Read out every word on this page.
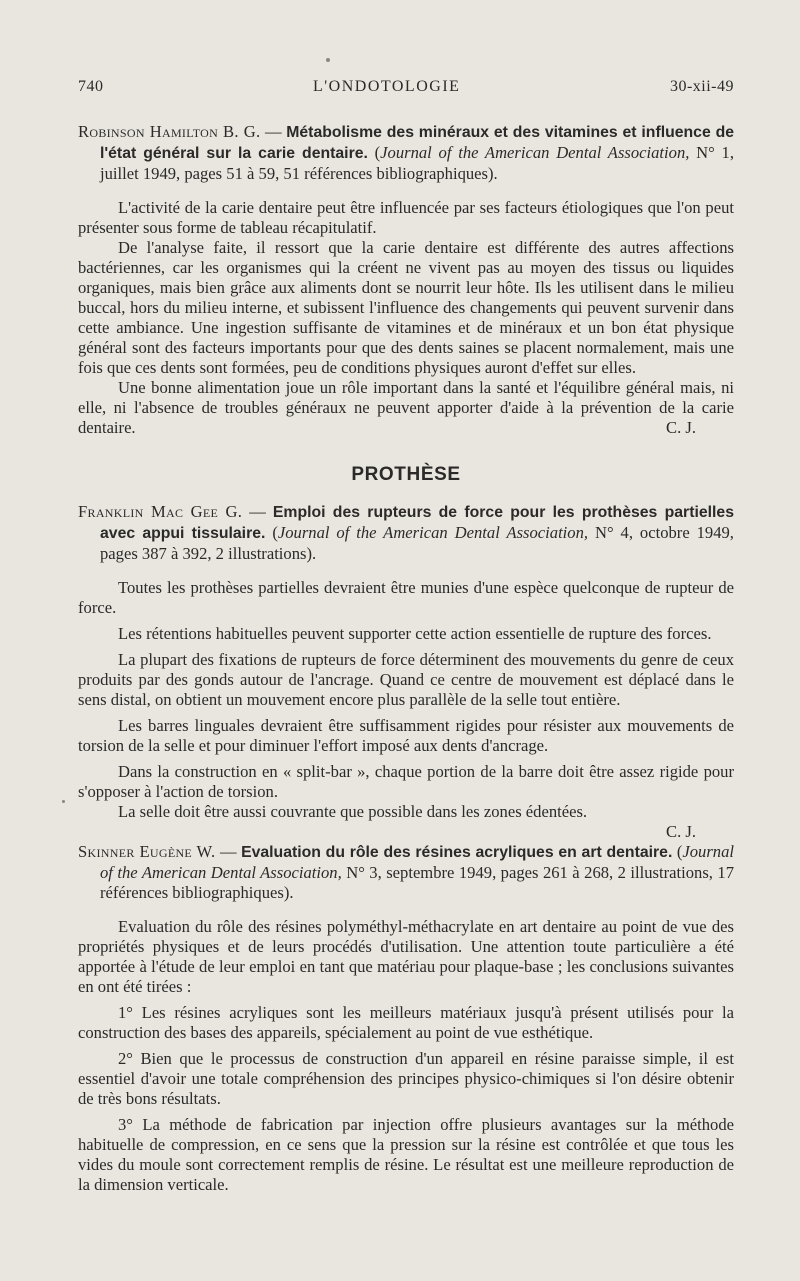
740	L'ONDOTOLOGIE	30-xii-49

Robinson Hamilton B. G. — Métabolisme des minéraux et des vitamines et influence de l'état général sur la carie dentaire. (Journal of the American Dental Association, N° 1, juillet 1949, pages 51 à 59, 51 références bibliographiques).

L'activité de la carie dentaire peut être influencée par ses facteurs étiologiques que l'on peut présenter sous forme de tableau récapitulatif.

De l'analyse faite, il ressort que la carie dentaire est différente des autres affections bactériennes, car les organismes qui la créent ne vivent pas au moyen des tissus ou liquides organiques, mais bien grâce aux aliments dont se nourrit leur hôte. Ils les utilisent dans le milieu buccal, hors du milieu interne, et subissent l'influence des changements qui peuvent survenir dans cette ambiance. Une ingestion suffisante de vitamines et de minéraux et un bon état physique général sont des facteurs importants pour que des dents saines se placent normalement, mais une fois que ces dents sont formées, peu de conditions physiques auront d'effet sur elles.

Une bonne alimentation joue un rôle important dans la santé et l'équilibre général mais, ni elle, ni l'absence de troubles généraux ne peuvent apporter d'aide à la prévention de la carie dentaire.	C. J.

PROTHÈSE

Franklin Mac Gee G. — Emploi des rupteurs de force pour les prothèses partielles avec appui tissulaire. (Journal of the American Dental Association, N° 4, octobre 1949, pages 387 à 392, 2 illustrations).

Toutes les prothèses partielles devraient être munies d'une espèce quelconque de rupteur de force.

Les rétentions habituelles peuvent supporter cette action essentielle de rupture des forces.

La plupart des fixations de rupteurs de force déterminent des mouvements du genre de ceux produits par des gonds autour de l'ancrage. Quand ce centre de mouvement est déplacé dans le sens distal, on obtient un mouvement encore plus parallèle de la selle tout entière.

Les barres linguales devraient être suffisamment rigides pour résister aux mouvements de torsion de la selle et pour diminuer l'effort imposé aux dents d'ancrage.

Dans la construction en « split-bar », chaque portion de la barre doit être assez rigide pour s'opposer à l'action de torsion.

La selle doit être aussi couvrante que possible dans les zones édentées.

C. J.

Skinner Eugène W. — Evaluation du rôle des résines acryliques en art dentaire. (Journal of the American Dental Association, N° 3, septembre 1949, pages 261 à 268, 2 illustrations, 17 références bibliographiques).

Evaluation du rôle des résines polyméthyl-méthacrylate en art dentaire au point de vue des propriétés physiques et de leurs procédés d'utilisation. Une attention toute particulière a été apportée à l'étude de leur emploi en tant que matériau pour plaque-base ; les conclusions suivantes en ont été tirées :

1° Les résines acryliques sont les meilleurs matériaux jusqu'à présent utilisés pour la construction des bases des appareils, spécialement au point de vue esthétique.

2° Bien que le processus de construction d'un appareil en résine paraisse simple, il est essentiel d'avoir une totale compréhension des principes physico-chimiques si l'on désire obtenir de très bons résultats.

3° La méthode de fabrication par injection offre plusieurs avantages sur la méthode habituelle de compression, en ce sens que la pression sur la résine est contrôlée et que tous les vides du moule sont correctement remplis de résine. Le résultat est une meilleure reproduction de la dimension verticale.
